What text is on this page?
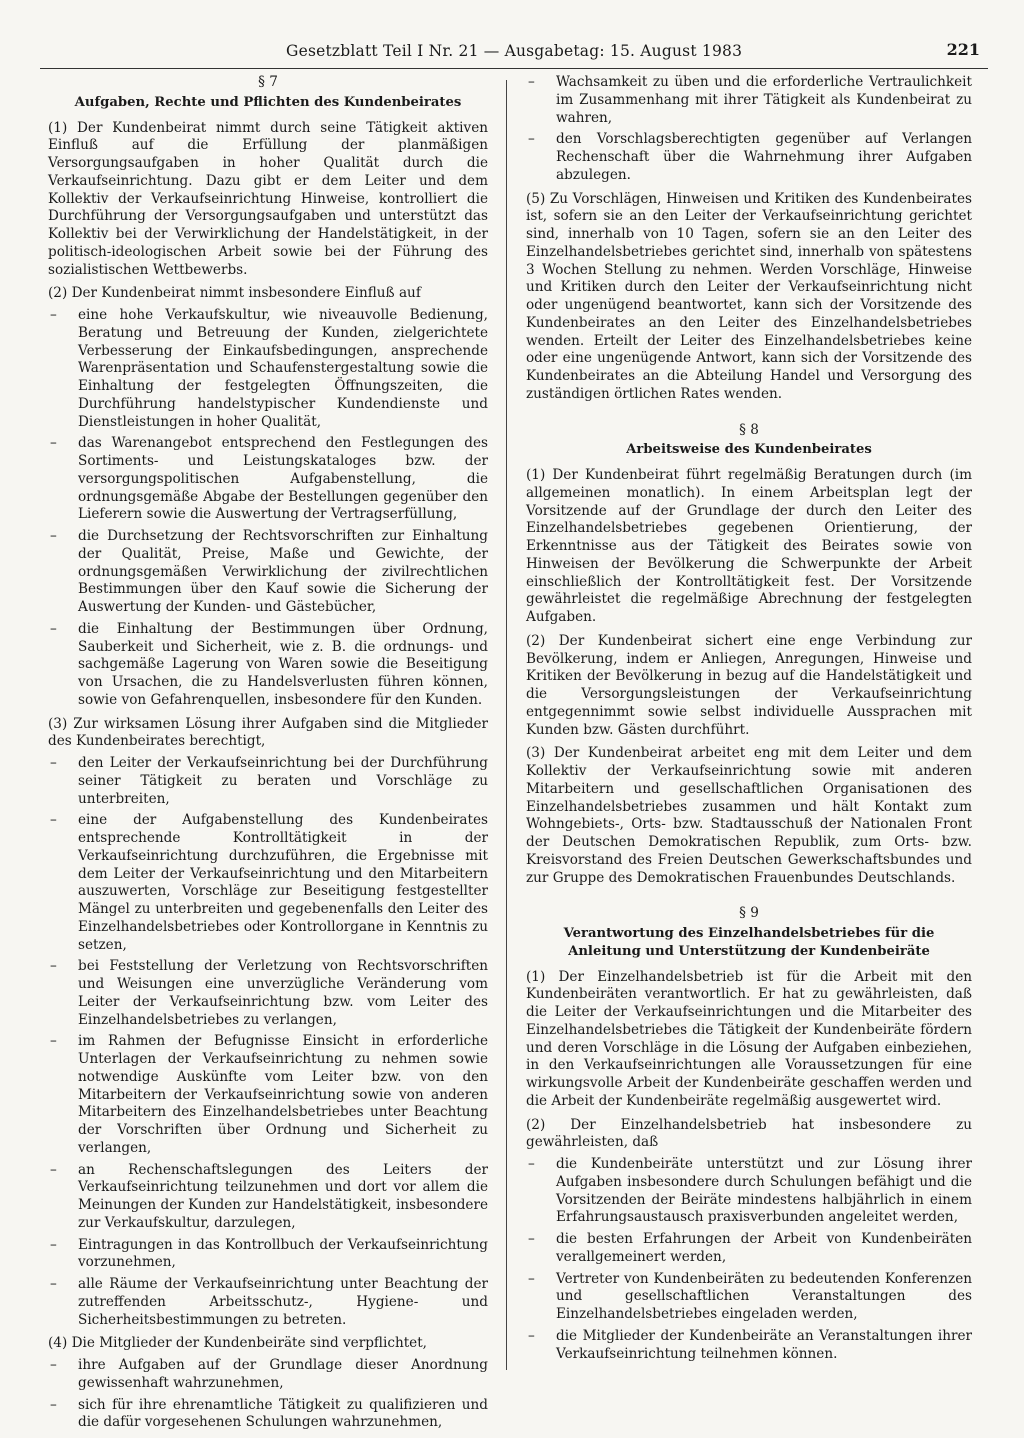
Gesetzblatt Teil I Nr. 21 — Ausgabetag: 15. August 1983	221
§ 7
Aufgaben, Rechte und Pflichten des Kundenbeirates

(1) Der Kundenbeirat nimmt durch seine Tätigkeit aktiven Einfluß auf die Erfüllung der planmäßigen Versorgungsaufgaben in hoher Qualität durch die Verkaufseinrichtung. Dazu gibt er dem Leiter und dem Kollektiv der Verkaufseinrichtung Hinweise, kontrolliert die Durchführung der Versorgungsaufgaben und unterstützt das Kollektiv bei der Verwirklichung der Handelstätigkeit, in der politisch-ideologischen Arbeit sowie bei der Führung des sozialistischen Wettbewerbs.

(2) Der Kundenbeirat nimmt insbesondere Einfluß auf

– eine hohe Verkaufskultur, wie niveauvolle Bedienung, Beratung und Betreuung der Kunden, zielgerichtete Verbesserung der Einkaufsbedingungen, ansprechende Warenpräsentation und Schaufenstergestaltung sowie die Einhaltung der festgelegten Öffnungszeiten, die Durchführung handelstypischer Kundendienste und Dienstleistungen in hoher Qualität,
– das Warenangebot entsprechend den Festlegungen des Sortiments- und Leistungskataloges bzw. der versorgungspolitischen Aufgabenstellung, die ordnungsgemäße Abgabe der Bestellungen gegenüber den Lieferern sowie die Auswertung der Vertragserfüllung,
– die Durchsetzung der Rechtsvorschriften zur Einhaltung der Qualität, Preise, Maße und Gewichte, der ordnungsgemäßen Verwirklichung der zivilrechtlichen Bestimmungen über den Kauf sowie die Sicherung der Auswertung der Kunden- und Gästebücher,
– die Einhaltung der Bestimmungen über Ordnung, Sauberkeit und Sicherheit, wie z. B. die ordnungs- und sachgemäße Lagerung von Waren sowie die Beseitigung von Ursachen, die zu Handelsverlusten führen können, sowie von Gefahrenquellen, insbesondere für den Kunden.

(3) Zur wirksamen Lösung ihrer Aufgaben sind die Mitglieder des Kundenbeirates berechtigt,

– den Leiter der Verkaufseinrichtung bei der Durchführung seiner Tätigkeit zu beraten und Vorschläge zu unterbreiten,
– eine der Aufgabenstellung des Kundenbeirates entsprechende Kontrolltätigkeit in der Verkaufseinrichtung durchzuführen, die Ergebnisse mit dem Leiter der Verkaufseinrichtung und den Mitarbeitern auszuwerten, Vorschläge zur Beseitigung festgestellter Mängel zu unterbreiten und gegebenenfalls den Leiter des Einzelhandelsbetriebes oder Kontrollorgane in Kenntnis zu setzen,
– bei Feststellung der Verletzung von Rechtsvorschriften und Weisungen eine unverzügliche Veränderung vom Leiter der Verkaufseinrichtung bzw. vom Leiter des Einzelhandelsbetriebes zu verlangen,
– im Rahmen der Befugnisse Einsicht in erforderliche Unterlagen der Verkaufseinrichtung zu nehmen sowie notwendige Auskünfte vom Leiter bzw. von den Mitarbeitern der Verkaufseinrichtung sowie von anderen Mitarbeitern des Einzelhandelsbetriebes unter Beachtung der Vorschriften über Ordnung und Sicherheit zu verlangen,
– an Rechenschaftslegungen des Leiters der Verkaufseinrichtung teilzunehmen und dort vor allem die Meinungen der Kunden zur Handelstätigkeit, insbesondere zur Verkaufskultur, darzulegen,
– Eintragungen in das Kontrollbuch der Verkaufseinrichtung vorzunehmen,
– alle Räume der Verkaufseinrichtung unter Beachtung der zutreffenden Arbeitsschutz-, Hygiene- und Sicherheitsbestimmungen zu betreten.

(4) Die Mitglieder der Kundenbeiräte sind verpflichtet,

– ihre Aufgaben auf der Grundlage dieser Anordnung gewissenhaft wahrzunehmen,
– sich für ihre ehrenamtliche Tätigkeit zu qualifizieren und die dafür vorgesehenen Schulungen wahrzunehmen,
– Wachsamkeit zu üben und die erforderliche Vertraulichkeit im Zusammenhang mit ihrer Tätigkeit als Kundenbeirat zu wahren,
– den Vorschlagsberechtigten gegenüber auf Verlangen Rechenschaft über die Wahrnehmung ihrer Aufgaben abzulegen.

(5) Zu Vorschlägen, Hinweisen und Kritiken des Kundenbeirates ist, sofern sie an den Leiter der Verkaufseinrichtung gerichtet sind, innerhalb von 10 Tagen, sofern sie an den Leiter des Einzelhandelsbetriebes gerichtet sind, innerhalb von spätestens 3 Wochen Stellung zu nehmen. Werden Vorschläge, Hinweise und Kritiken durch den Leiter der Verkaufseinrichtung nicht oder ungenügend beantwortet, kann sich der Vorsitzende des Kundenbeirates an den Leiter des Einzelhandelsbetriebes wenden. Erteilt der Leiter des Einzelhandelsbetriebes keine oder eine ungenügende Antwort, kann sich der Vorsitzende des Kundenbeirates an die Abteilung Handel und Versorgung des zuständigen örtlichen Rates wenden.

§ 8
Arbeitsweise des Kundenbeirates

(1) Der Kundenbeirat führt regelmäßig Beratungen durch (im allgemeinen monatlich). In einem Arbeitsplan legt der Vorsitzende auf der Grundlage der durch den Leiter des Einzelhandelsbetriebes gegebenen Orientierung, der Erkenntnisse aus der Tätigkeit des Beirates sowie von Hinweisen der Bevölkerung die Schwerpunkte der Arbeit einschließlich der Kontrolltätigkeit fest. Der Vorsitzende gewährleistet die regelmäßige Abrechnung der festgelegten Aufgaben.

(2) Der Kundenbeirat sichert eine enge Verbindung zur Bevölkerung, indem er Anliegen, Anregungen, Hinweise und Kritiken der Bevölkerung in bezug auf die Handelstätigkeit und die Versorgungsleistungen der Verkaufseinrichtung entgegennimmt sowie selbst individuelle Aussprachen mit Kunden bzw. Gästen durchführt.

(3) Der Kundenbeirat arbeitet eng mit dem Leiter und dem Kollektiv der Verkaufseinrichtung sowie mit anderen Mitarbeitern und gesellschaftlichen Organisationen des Einzelhandelsbetriebes zusammen und hält Kontakt zum Wohngebiets-, Orts- bzw. Stadtausschuß der Nationalen Front der Deutschen Demokratischen Republik, zum Orts- bzw. Kreisvorstand des Freien Deutschen Gewerkschaftsbundes und zur Gruppe des Demokratischen Frauenbundes Deutschlands.

§ 9
Verantwortung des Einzelhandelsbetriebes für die Anleitung und Unterstützung der Kundenbeiräte

(1) Der Einzelhandelsbetrieb ist für die Arbeit mit den Kundenbeiräten verantwortlich. Er hat zu gewährleisten, daß die Leiter der Verkaufseinrichtungen und die Mitarbeiter des Einzelhandelsbetriebes die Tätigkeit der Kundenbeiräte fördern und deren Vorschläge in die Lösung der Aufgaben einbeziehen, in den Verkaufseinrichtungen alle Voraussetzungen für eine wirkungsvolle Arbeit der Kundenbeiräte geschaffen werden und die Arbeit der Kundenbeiräte regelmäßig ausgewertet wird.

(2) Der Einzelhandelsbetrieb hat insbesondere zu gewährleisten, daß

– die Kundenbeiräte unterstützt und zur Lösung ihrer Aufgaben insbesondere durch Schulungen befähigt und die Vorsitzenden der Beiräte mindestens halbjährlich in einem Erfahrungsaustausch praxisverbunden angeleitet werden,
– die besten Erfahrungen der Arbeit von Kundenbeiräten verallgemeinert werden,
– Vertreter von Kundenbeiräten zu bedeutenden Konferenzen und gesellschaftlichen Veranstaltungen des Einzelhandelsbetriebes eingeladen werden,
– die Mitglieder der Kundenbeiräte an Veranstaltungen ihrer Verkaufseinrichtung teilnehmen können.
